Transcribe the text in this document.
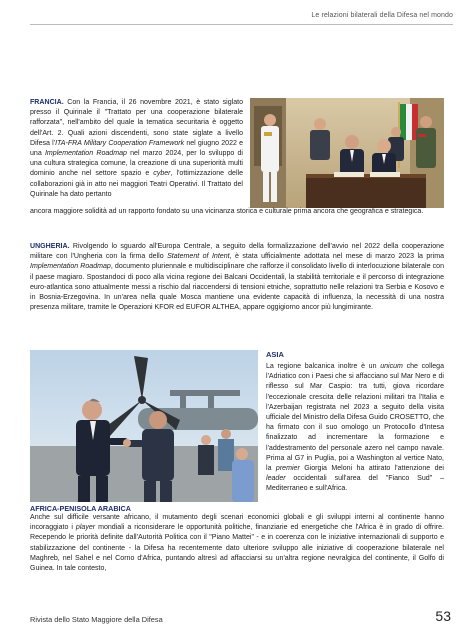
Le relazioni bilaterali della Difesa nel mondo

FRANCIA. Con la Francia, il 26 novembre 2021, è stato siglato presso il Quirinale il "Trattato per una cooperazione bilaterale rafforzata", nell'ambito del quale la tematica securitaria è oggetto dell'Art. 2. Quali azioni discendenti, sono state siglate a livello Difesa l'ITA-FRA Military Cooperation Framework nel giugno 2022 e una Implementation Roadmap nel marzo 2024, per lo sviluppo di una cultura strategica comune, la creazione di una superiorità multi dominio anche nel settore spazio e cyber, l'ottimizzazione delle collaborazioni già in atto nei maggiori Teatri Operativi. Il Trattato del Quirinale ha dato pertanto

ancora maggiore solidità ad un rapporto fondato su una vicinanza storica e culturale prima ancora che geografica e strategica.

UNGHERIA. Rivolgendo lo sguardo all'Europa Centrale, a seguito della formalizzazione dell'avvio nel 2022 della cooperazione militare con l'Ungheria con la firma dello Statement of Intent, è stata ufficialmente adottata nel mese di marzo 2023 la prima Implementation Roadmap, documento pluriennale e multidisciplinare che rafforze il consolidato livello di interlocuzione bilaterale con il paese magiaro. Spostandoci di poco alla vicina regione dei Balcani Occidentali, la stabilità territoriale e il percorso di integrazione euro-atlantica sono attualmente messi a rischio dal riaccendersi di tensioni etniche, soprattutto nelle relazioni tra Serbia e Kosovo e in Bosnia-Erzegovina. In un'area nella quale Mosca mantiene una evidente capacità di influenza, la necessità di una nostra presenza militare, tramite le Operazioni KFOR ed EUFOR ALTHEA, appare oggigiorno ancor più lungimirante.

ASIA

La regione balcanica inoltre è un unicum che collega l'Adriatico con i Paesi che si affacciano sul Mar Nero e di riflesso sul Mar Caspio: tra tutti, giova ricordare l'eccezionale crescita delle relazioni militari tra l'Italia e l'Azerbaijan registrata nel 2023 a seguito della visita ufficiale del Ministro della Difesa Guido CROSETTO, che ha firmato con il suo omologo un Protocollo d'Intesa finalizzato ad incrementare la formazione e l'addestramento del personale azero nel campo navale. Prima al G7 in Puglia, poi a Washington al vertice Nato, la premier Giorgia Meloni ha attirato l'attenzione dei leader occidentali sull'area del "Fianco Sud" – Mediterraneo e sull'Africa.

AFRICA-PENISOLA ARABICA

Anche sul difficile versante africano, il mutamento degli scenari economici globali e gli sviluppi interni al continente hanno incoraggiato i player mondiali a riconsiderare le opportunità politiche, finanziarie ed energetiche che l'Africa è in grado di offrire. Recependo le priorità definite dall'Autorità Politica con il "Piano Mattei" - e in coerenza con le iniziative internazionali di supporto e stabilizzazione del continente - la Difesa ha recentemente dato ulteriore sviluppo alle iniziative di cooperazione bilaterale nel Maghreb, nel Sahel e nel Corno d'Africa, puntando altresì ad affacciarsi su un'altra regione nevralgica del continente, il Golfo di Guinea. In tale contesto,

Rivista dello Stato Maggiore della Difesa	53
